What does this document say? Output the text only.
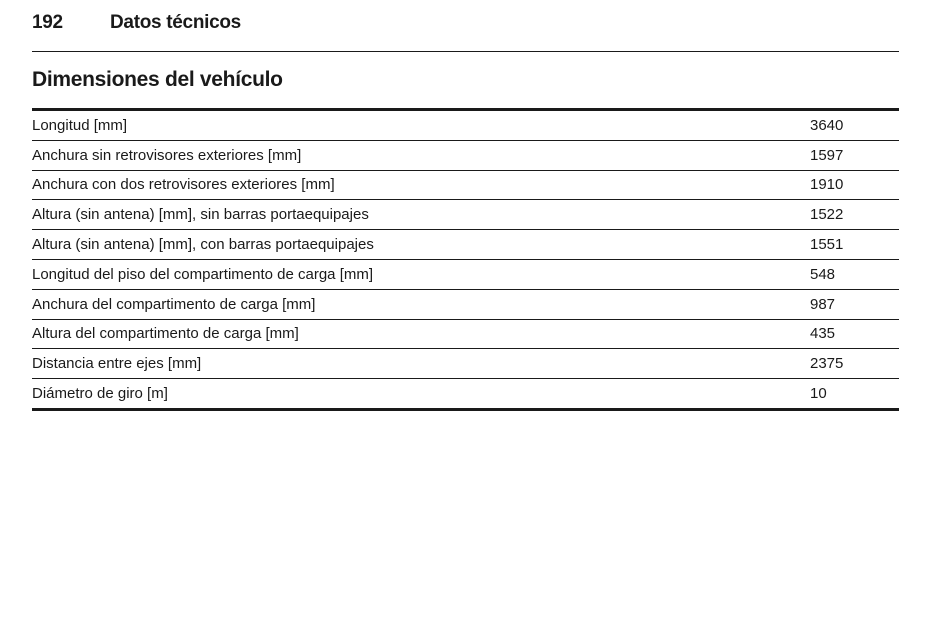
192 Datos técnicos
Dimensiones del vehículo
Longitud [mm]	3640
Anchura sin retrovisores exteriores [mm]	1597
Anchura con dos retrovisores exteriores [mm]	1910
Altura (sin antena) [mm], sin barras portaequipajes	1522
Altura (sin antena) [mm], con barras portaequipajes	1551
Longitud del piso del compartimento de carga [mm]	548
Anchura del compartimento de carga [mm]	987
Altura del compartimento de carga [mm]	435
Distancia entre ejes [mm]	2375
Diámetro de giro [m]	10
